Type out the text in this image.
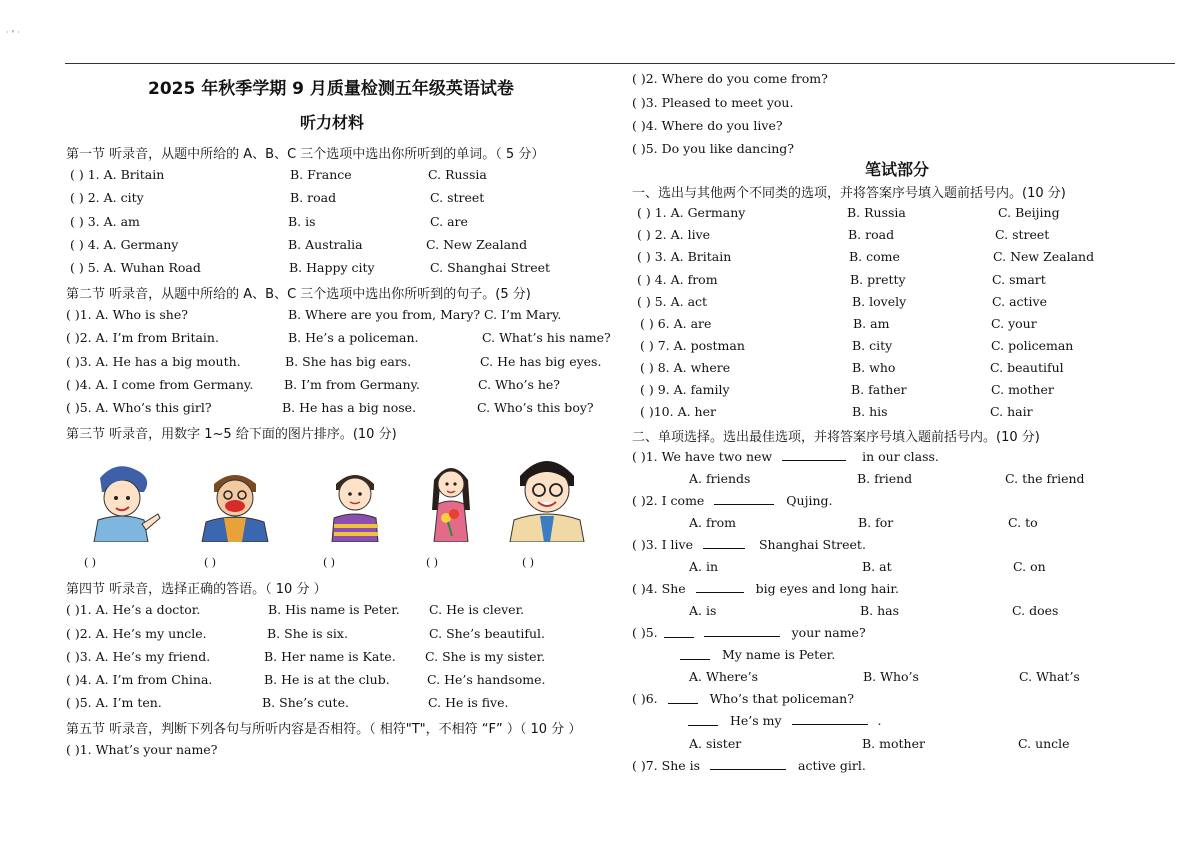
· ˣ ·
2025 年秋季学期 9 月质量检测五年级英语试卷
听力材料
第一节 听录音，从题中所给的 A、B、C 三个选项中选出你所听到的单词。（ 5 分）
( ) 1. A. Britain	B. France	C. Russia
( ) 2. A. city	B. road	C. street
( ) 3. A. am	B. is	C. are
( ) 4. A. Germany	B. Australia	C. New Zealand
( ) 5. A. Wuhan Road	B. Happy city	C. Shanghai Street
第二节 听录音，从题中所给的 A、B、C 三个选项中选出你所听到的句子。(5 分)
( )1. A. Who is she?	B. Where are you from, Mary? C. I’m Mary.
( )2. A. I’m from Britain.	B. He’s a policeman.	C. What’s his name?
( )3. A. He has a big mouth.	B. She has big ears.	C. He has big eyes.
( )4. A. I come from Germany. B. I’m from Germany.	C. Who’s he?
( )5. A. Who’s this girl?	B. He has a big nose.	C. Who’s this boy?
第三节 听录音，用数字 1~5 给下面的图片排序。(10 分)
( )	( )	( )	( )	( )
第四节 听录音，选择正确的答语。（ 10 分 ）
( )1. A. He’s a doctor.	B. His name is Peter. C. He is clever.
( )2. A. He’s my uncle.	B. She is six.	C. She’s beautiful.
( )3. A. He’s my friend.	B. Her name is Kate. C. She is my sister.
( )4. A. I’m from China.	B. He is at the club.	C. He’s handsome.
( )5. A. I’m ten.	B. She’s cute.	C. He is five.
第五节 听录音，判断下列各句与所听内容是否相符。（ 相符"T"，不相符 “F” ）（ 10 分 ）
( )1. What’s your name?
( )2. Where do you come from?
( )3. Pleased to meet you.
( )4. Where do you live?
( )5. Do you like dancing?
笔试部分
一、选出与其他两个不同类的选项，并将答案序号填入题前括号内。(10 分)
( ) 1. A. Germany	B. Russia	C. Beijing
( ) 2. A. live	B. road	C. street
( ) 3. A. Britain	B. come	C. New Zealand
( ) 4. A. from	B. pretty	C. smart
( ) 5. A. act	B. lovely	C. active
( ) 6. A. are	B. am	C. your
( ) 7. A. postman	B. city	C. policeman
( ) 8. A. where	B. who	C. beautiful
( ) 9. A. family	B. father	C. mother
( )10. A. her	B. his	C. hair
二、单项选择。选出最佳选项，并将答案序号填入题前括号内。(10 分)
( )1. We have two new	in our class.
A. friends	B. friend	C. the friend
( )2. I come	Qujing.
A. from	B. for	C. to
( )3. I live	Shanghai Street.
A. in	B. at	C. on
( )4. She	big eyes and long hair.
A. is	B. has	C. does
( )5.	your name?
My name is Peter.
A. Where’s	B. Who’s	C. What’s
( )6.	Who’s that policeman?
He’s my	.
A. sister	B. mother	C. uncle
( )7. She is	active girl.
